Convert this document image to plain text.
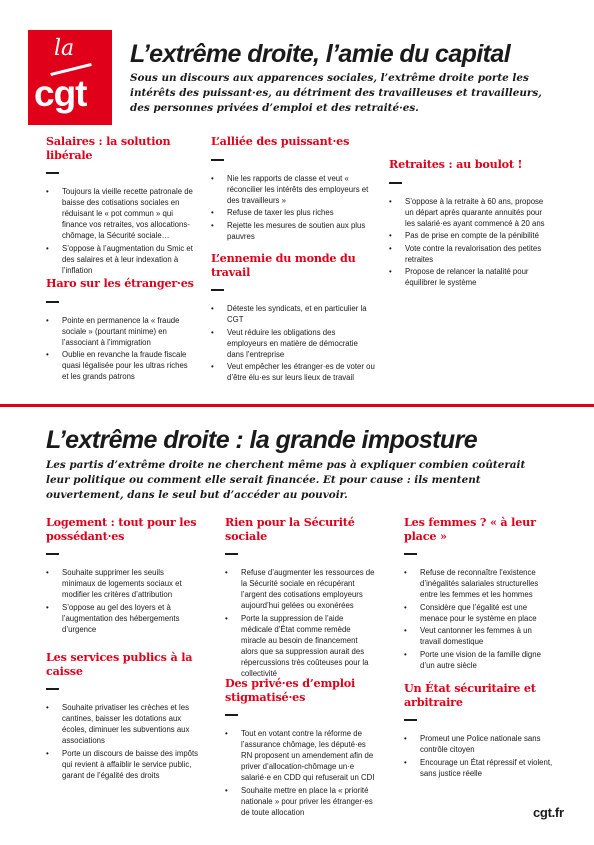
la
cgt
L’extrême droite, l’amie du capital
Sous un discours aux apparences sociales, l’extrême droite porte les intérêts des puissant·es, au détriment des travailleuses et travailleurs, des personnes privées d’emploi et des retraité·es.
Salaires : la solution libérale
• Toujours la vieille recette patronale de baisse des cotisations sociales en réduisant le « pot commun » qui finance vos retraites, vos allocations-chômage, la Sécurité sociale…
• S’oppose à l’augmentation du Smic et des salaires et à leur indexation à l’inflation
Haro sur les étranger·es
• Pointe en permanence la « fraude sociale » (pourtant minime) en l’associant à l’immigration
• Oublie en revanche la fraude fiscale quasi légalisée pour les ultras riches et les grands patrons
L’alliée des puissant·es
• Nie les rapports de classe et veut « réconcilier les intérêts des employeurs et des travailleurs »
• Refuse de taxer les plus riches
• Rejette les mesures de soutien aux plus pauvres
L’ennemie du monde du travail
• Déteste les syndicats, et en particulier la CGT
• Veut réduire les obligations des employeurs en matière de démocratie dans l’entreprise
• Veut empêcher les étranger·es de voter ou d’être élu·es sur leurs lieux de travail
Retraites : au boulot !
• S’oppose à la retraite à 60 ans, propose un départ après quarante annuités pour les salarié·es ayant commencé à 20 ans
• Pas de prise en compte de la pénibilité
• Vote contre la revalorisation des petites retraites
• Propose de relancer la natalité pour équilibrer le système
L’extrême droite : la grande imposture
Les partis d’extrême droite ne cherchent même pas à expliquer combien coûterait leur politique ou comment elle serait financée. Et pour cause : ils mentent ouvertement, dans le seul but d’accéder au pouvoir.
Logement : tout pour les possédant·es
• Souhaite supprimer les seuils minimaux de logements sociaux et modifier les critères d’attribution
• S’oppose au gel des loyers et à l’augmentation des hébergements d’urgence
Les services publics à la caisse
• Souhaite privatiser les crèches et les cantines, baisser les dotations aux écoles, diminuer les subventions aux associations
• Porte un discours de baisse des impôts qui revient à affaiblir le service public, garant de l’égalité des droits
Rien pour la Sécurité sociale
• Refuse d’augmenter les ressources de la Sécurité sociale en récupérant l’argent des cotisations employeurs aujourd’hui gelées ou exonérées
• Porte la suppression de l’aide médicale d’État comme remède miracle au besoin de financement alors que sa suppression aurait des répercussions très coûteuses pour la collectivité
Des privé·es d’emploi stigmatisé·es
• Tout en votant contre la réforme de l’assurance chômage, les député·es RN proposent un amendement afin de priver d’allocation-chômage un·e salarié·e en CDD qui refuserait un CDI
• Souhaite mettre en place la « priorité nationale » pour priver les étranger·es de toute allocation
Les femmes ? « à leur place »
• Refuse de reconnaître l’existence d’inégalités salariales structurelles entre les femmes et les hommes
• Considère que l’égalité est une menace pour le système en place
• Veut cantonner les femmes à un travail domestique
• Porte une vision de la famille digne d’un autre siècle
Un État sécuritaire et arbitraire
• Promeut une Police nationale sans contrôle citoyen
• Encourage un État répressif et violent, sans justice réelle
cgt.fr
